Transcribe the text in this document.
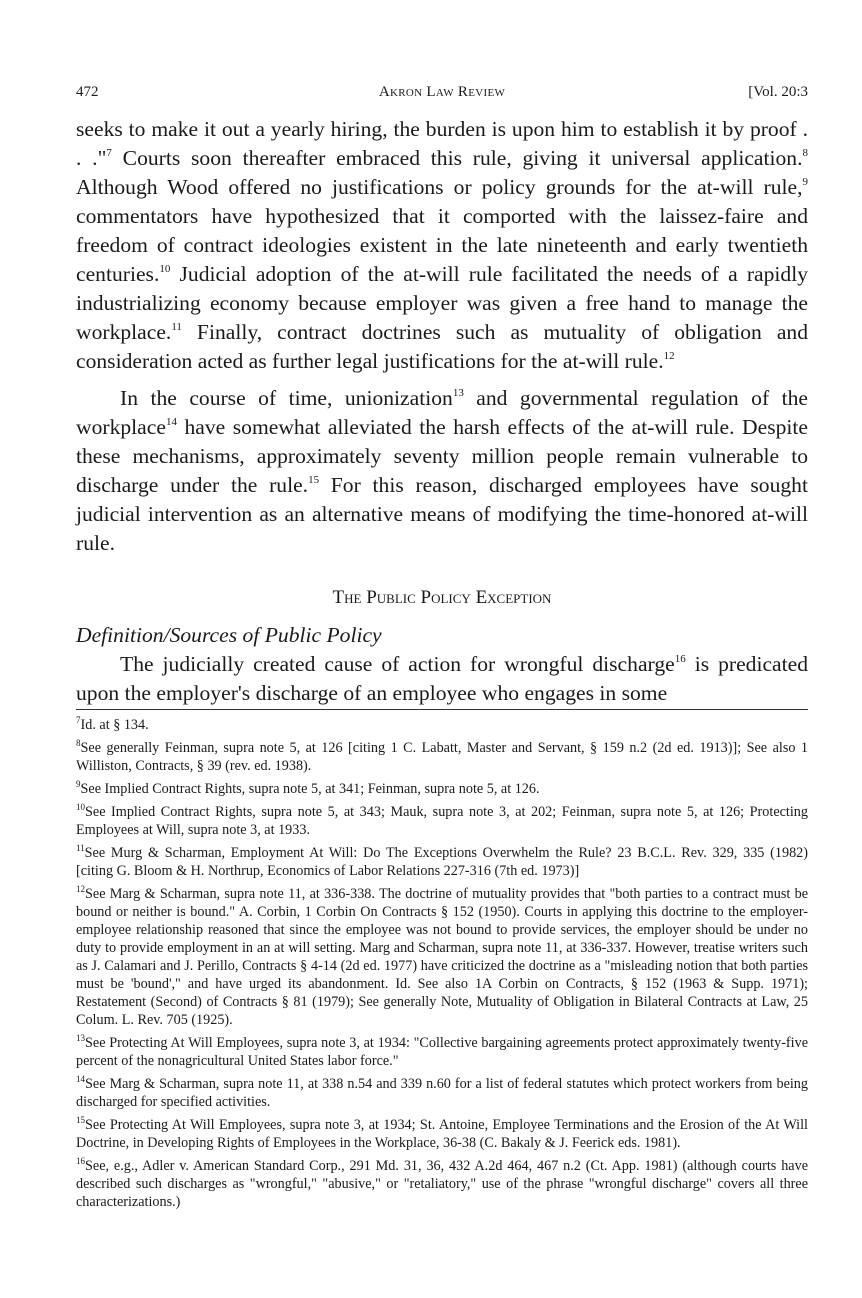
472	Akron Law Review	[Vol. 20:3

seeks to make it out a yearly hiring, the burden is upon him to establish it by proof . . ."$^7$ Courts soon thereafter embraced this rule, giving it universal application.$^8$ Although Wood offered no justifications or policy grounds for the at-will rule,$^9$ commentators have hypothesized that it comported with the laissez-faire and freedom of contract ideologies existent in the late nineteenth and early twentieth centuries.$^{10}$ Judicial adoption of the at-will rule facilitated the needs of a rapidly industrializing economy because employer was given a free hand to manage the workplace.$^{11}$ Finally, contract doctrines such as mutuality of obligation and consideration acted as further legal justifications for the at-will rule.$^{12}$

In the course of time, unionization$^{13}$ and governmental regulation of the workplace$^{14}$ have somewhat alleviated the harsh effects of the at-will rule. Despite these mechanisms, approximately seventy million people remain vulnerable to discharge under the rule.$^{15}$ For this reason, discharged employees have sought judicial intervention as an alternative means of modifying the time-honored at-will rule.

The Public Policy Exception
Definition/Sources of Public Policy

The judicially created cause of action for wrongful discharge$^{16}$ is predicated upon the employer's discharge of an employee who engages in some

$^7$Id. at § 134.
$^8$See generally Feinman, supra note 5, at 126 [citing 1 C. Labatt, Master and Servant, § 159 n.2 (2d ed. 1913)]; See also 1 Williston, Contracts, § 39 (rev. ed. 1938).
$^9$See Implied Contract Rights, supra note 5, at 341; Feinman, supra note 5, at 126.
$^{10}$See Implied Contract Rights, supra note 5, at 343; Mauk, supra note 3, at 202; Feinman, supra note 5, at 126; Protecting Employees at Will, supra note 3, at 1933.
$^{11}$See Murg & Scharman, Employment At Will: Do The Exceptions Overwhelm the Rule? 23 B.C.L. Rev. 329, 335 (1982) [citing G. Bloom & H. Northrup, Economics of Labor Relations 227-316 (7th ed. 1973)]
$^{12}$See Marg & Scharman, supra note 11, at 336-338. The doctrine of mutuality provides that "both parties to a contract must be bound or neither is bound." A. Corbin, 1 Corbin On Contracts § 152 (1950). Courts in applying this doctrine to the employer-employee relationship reasoned that since the employee was not bound to provide services, the employer should be under no duty to provide employment in an at will setting. Marg and Scharman, supra note 11, at 336-337. However, treatise writers such as J. Calamari and J. Perillo, Contracts § 4-14 (2d ed. 1977) have criticized the doctrine as a "misleading notion that both parties must be 'bound'," and have urged its abandonment. Id. See also 1A Corbin on Contracts, § 152 (1963 & Supp. 1971); Restatement (Second) of Contracts § 81 (1979); See generally Note, Mutuality of Obligation in Bilateral Contracts at Law, 25 Colum. L. Rev. 705 (1925).
$^{13}$See Protecting At Will Employees, supra note 3, at 1934: "Collective bargaining agreements protect approximately twenty-five percent of the nonagricultural United States labor force."
$^{14}$See Marg & Scharman, supra note 11, at 338 n.54 and 339 n.60 for a list of federal statutes which protect workers from being discharged for specified activities.
$^{15}$See Protecting At Will Employees, supra note 3, at 1934; St. Antoine, Employee Terminations and the Erosion of the At Will Doctrine, in Developing Rights of Employees in the Workplace, 36-38 (C. Bakaly & J. Feerick eds. 1981).
$^{16}$See, e.g., Adler v. American Standard Corp., 291 Md. 31, 36, 432 A.2d 464, 467 n.2 (Ct. App. 1981) (although courts have described such discharges as "wrongful," "abusive," or "retaliatory," use of the phrase "wrongful discharge" covers all three characterizations.)
